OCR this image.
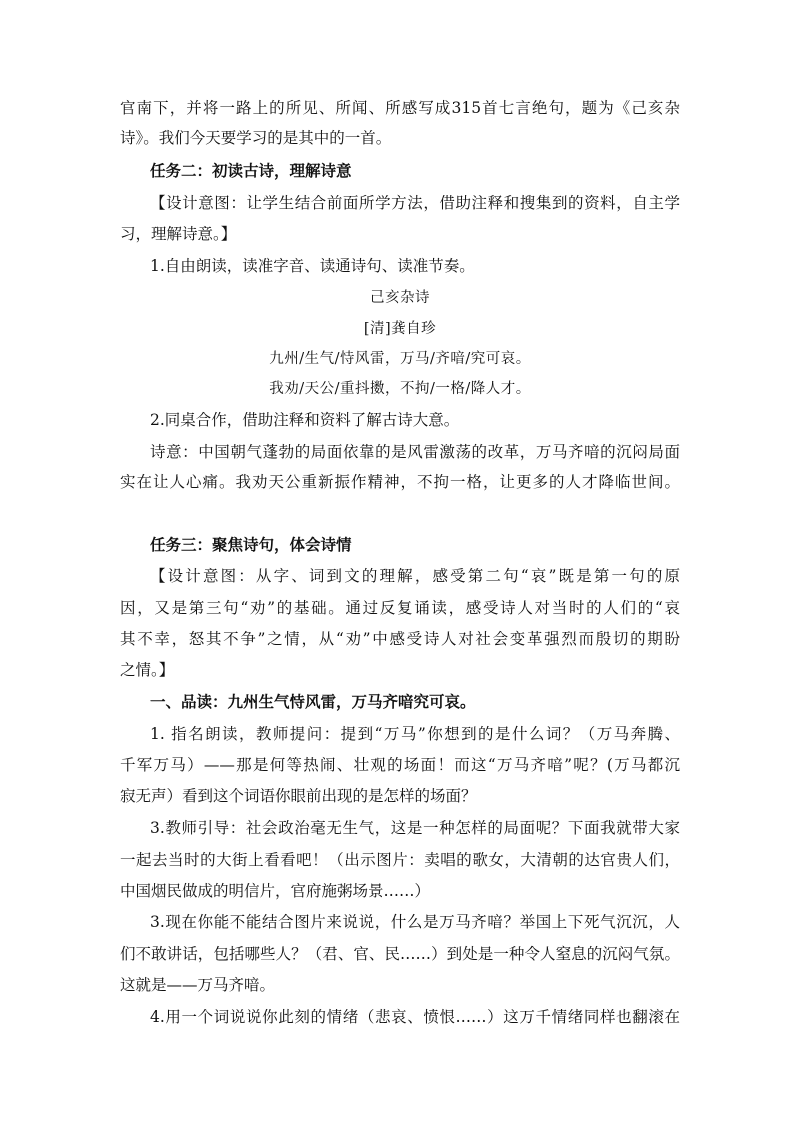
官南下，并将一路上的所见、所闻、所感写成315首七言绝句，题为《己亥杂
诗》。我们今天要学习的是其中的一首。
任务二：初读古诗，理解诗意
【设计意图：让学生结合前面所学方法，借助注释和搜集到的资料，自主学
习，理解诗意。】
1.自由朗读，读准字音、读通诗句、读准节奏。
己亥杂诗
[清]龚自珍
九州/生气/恃风雷，万马/齐喑/究可哀。
我劝/天公/重抖擞，不拘/一格/降人才。
2.同桌合作，借助注释和资料了解古诗大意。
诗意：中国朝气蓬勃的局面依靠的是风雷激荡的改革，万马齐喑的沉闷局面
实在让人心痛。我劝天公重新振作精神，不拘一格，让更多的人才降临世间。
任务三：聚焦诗句，体会诗情
【设计意图：从字、词到文的理解，感受第二句“哀”既是第一句的原
因，又是第三句“劝”的基础。通过反复诵读，感受诗人对当时的人们的“哀
其不幸，怒其不争”之情，从“劝”中感受诗人对社会变革强烈而殷切的期盼
之情。】
一、品读：九州生气恃风雷，万马齐喑究可哀。
1. 指名朗读，教师提问：提到“万马”你想到的是什么词？（万马奔腾、
千军万马）——那是何等热闹、壮观的场面！而这“万马齐喑”呢？(万马都沉
寂无声）看到这个词语你眼前出现的是怎样的场面？
3.教师引导：社会政治毫无生气，这是一种怎样的局面呢？下面我就带大家
一起去当时的大街上看看吧！（出示图片：卖唱的歌女，大清朝的达官贵人们，
中国烟民做成的明信片，官府施粥场景……）
3.现在你能不能结合图片来说说，什么是万马齐喑？举国上下死气沉沉，人
们不敢讲话，包括哪些人？（君、官、民……）到处是一种令人窒息的沉闷气氛。
这就是——万马齐喑。
4.用一个词说说你此刻的情绪（悲哀、愤恨……）这万千情绪同样也翻滚在
